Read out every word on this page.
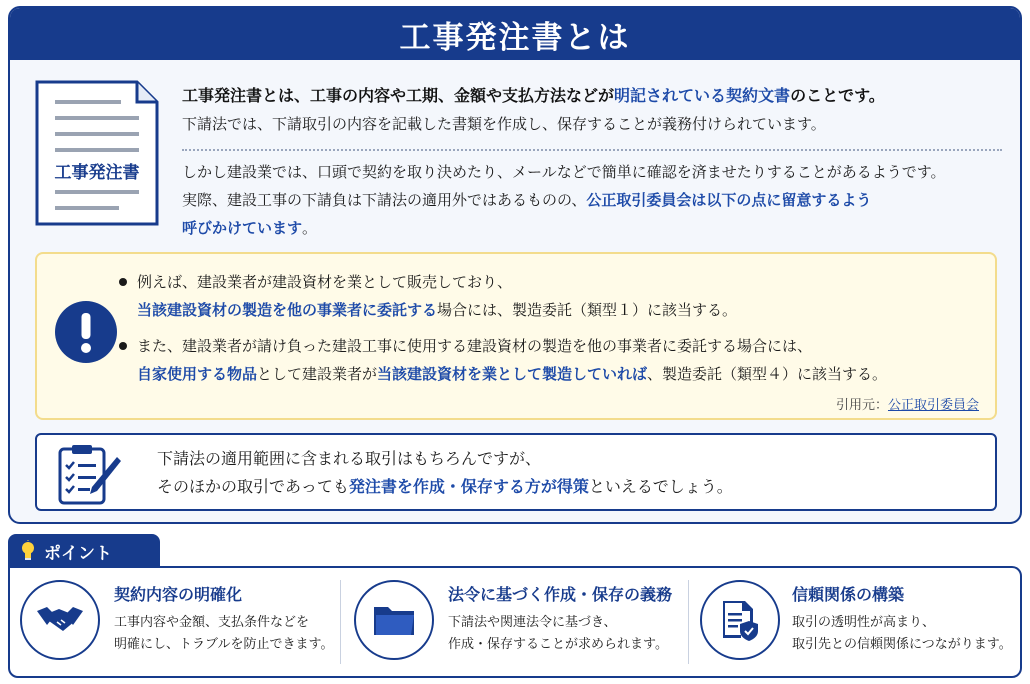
工事発注書とは
工事発注書
工事発注書とは、工事の内容や工期、金額や支払方法などが明記されている契約文書のことです。
下請法では、下請取引の内容を記載した書類を作成し、保存することが義務付けられています。
しかし建設業では、口頭で契約を取り決めたり、メールなどで簡単に確認を済ませたりすることがあるようです。
実際、建設工事の下請負は下請法の適用外ではあるものの、公正取引委員会は以下の点に留意するよう
呼びかけています。
例えば、建設業者が建設資材を業として販売しており、
当該建設資材の製造を他の事業者に委託する場合には、製造委託（類型１）に該当する。
また、建設業者が請け負った建設工事に使用する建設資材の製造を他の事業者に委託する場合には、
自家使用する物品として建設業者が当該建設資材を業として製造していれば、製造委託（類型４）に該当する。
引用元：公正取引委員会
下請法の適用範囲に含まれる取引はもちろんですが、
そのほかの取引であっても発注書を作成・保存する方が得策といえるでしょう。
ポイント
契約内容の明確化
工事内容や金額、支払条件などを
明確にし、トラブルを防止できます。
法令に基づく作成・保存の義務
下請法や関連法令に基づき、
作成・保存することが求められます。
信頼関係の構築
取引の透明性が高まり、
取引先との信頼関係につながります。
